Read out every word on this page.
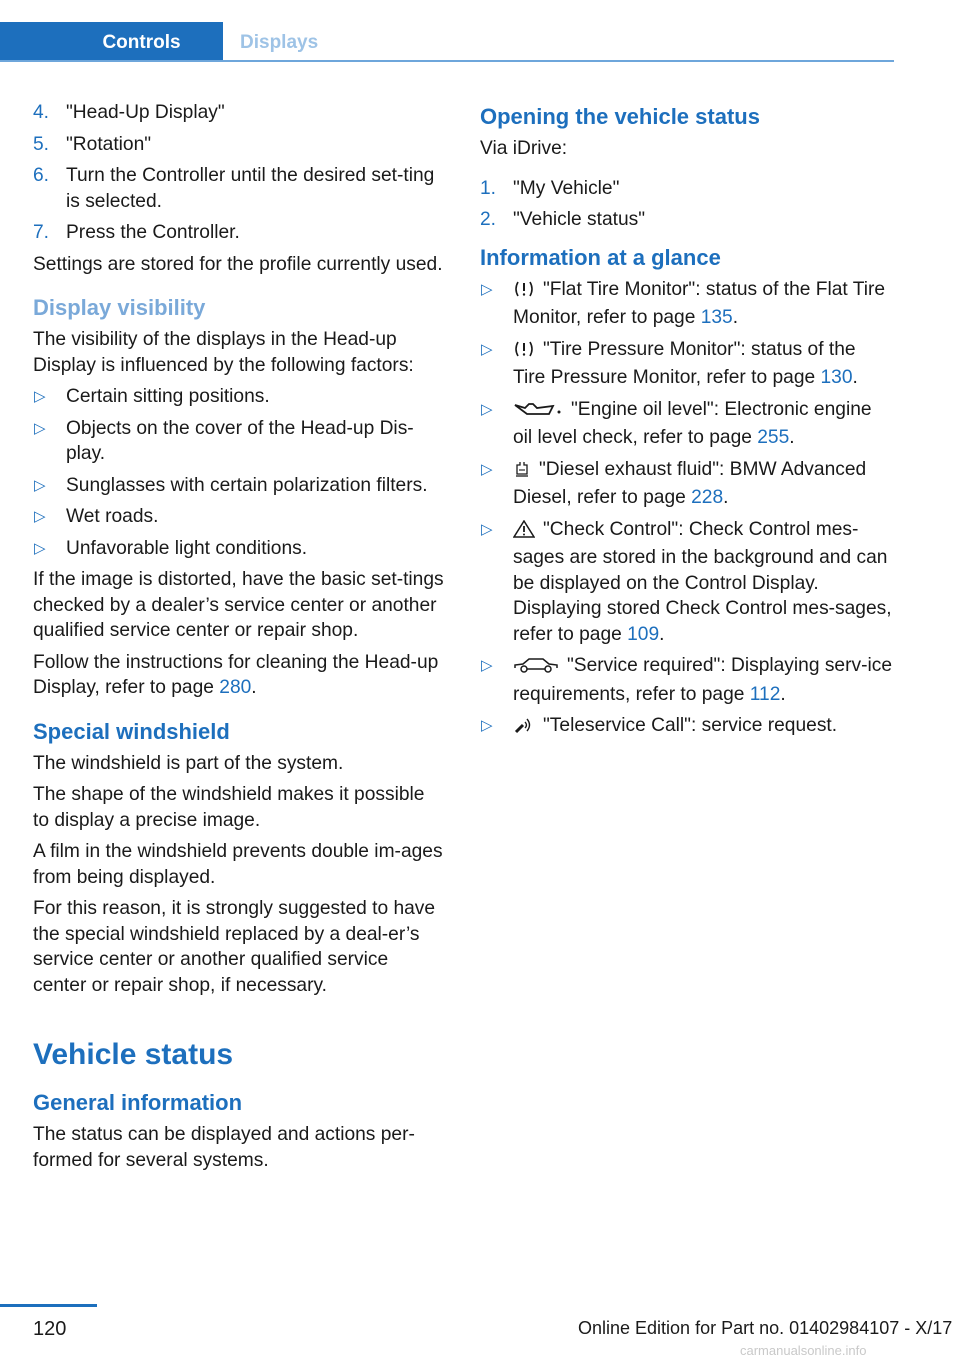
Controls	Displays
4. "Head-Up Display"
5. "Rotation"
6. Turn the Controller until the desired set‐ting is selected.
7. Press the Controller.

Settings are stored for the profile currently used.

Display visibility

The visibility of the displays in the Head-up Display is influenced by the following factors:

▷ Certain sitting positions.
▷ Objects on the cover of the Head-up Dis‐play.
▷ Sunglasses with certain polarization filters.
▷ Wet roads.
▷ Unfavorable light conditions.

If the image is distorted, have the basic set‐tings checked by a dealer’s service center or another qualified service center or repair shop.

Follow the instructions for cleaning the Head-up Display, refer to page 280.

Special windshield

The windshield is part of the system.

The shape of the windshield makes it possible to display a precise image.

A film in the windshield prevents double im‐ages from being displayed.

For this reason, it is strongly suggested to have the special windshield replaced by a deal‐er’s service center or another qualified service center or repair shop, if necessary.

Vehicle status
General information

The status can be displayed and actions per‐formed for several systems.

Opening the vehicle status

Via iDrive:

1. "My Vehicle"
2. "Vehicle status"
Information at a glance
▷	"Flat Tire Monitor": status of the Flat Tire Monitor, refer to page 135.
▷	"Tire Pressure Monitor": status of the Tire Pressure Monitor, refer to page 130.
▷	"Engine oil level": Electronic engine oil level check, refer to page 255.
▷ "Diesel exhaust fluid": BMW Advanced Diesel, refer to page 228.
▷	"Check Control": Check Control mes‐sages are stored in the background and can be displayed on the Control Display. Displaying stored Check Control mes‐sages, refer to page 109.
▷	"Service required": Displaying serv‐ice requirements, refer to page 112.
▷	"Teleservice Call": service request.
120	Online Edition for Part no. 01402984107 - X/17
carmanualsonline.info
